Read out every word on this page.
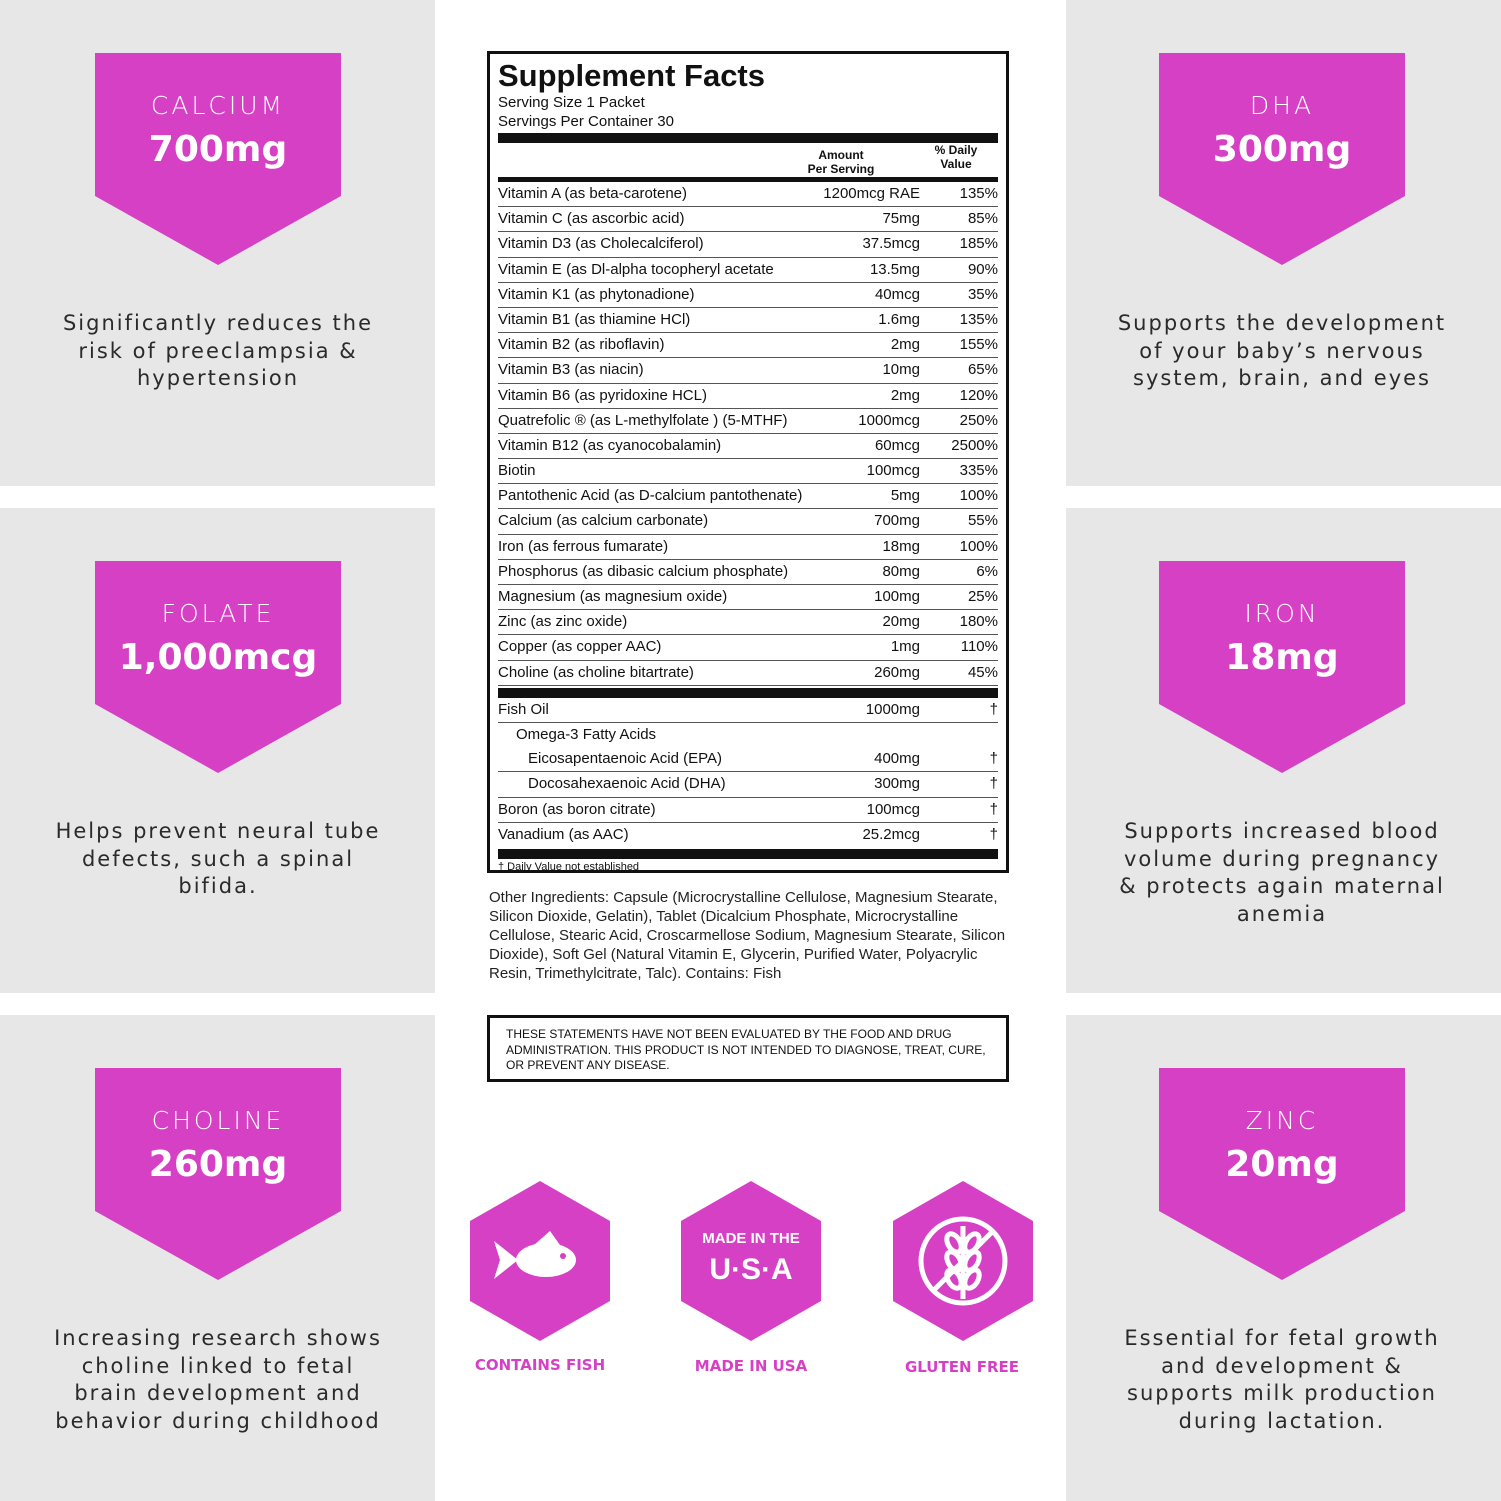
CALCIUM
700mg
Significantly reduces the risk of preeclampsia & hypertension
FOLATE
1,000mcg
Helps prevent neural tube defects, such a spinal bifida.
CHOLINE
260mg
Increasing research shows choline linked to fetal brain development and behavior during childhood
DHA
300mg
Supports the development of your baby’s nervous system, brain, and eyes
IRON
18mg
Supports increased blood volume during pregnancy & protects again maternal anemia
ZINC
20mg
Essential for fetal growth and development & supports milk production during lactation.
Supplement Facts
Serving Size 1 Packet
Servings Per Container 30
Amount
Per Serving
% Daily
Value
Vitamin A (as beta-carotene)	1200mcg RAE	135%
Vitamin C (as ascorbic acid)	75mg	85%
Vitamin D3 (as Cholecalciferol)	37.5mcg	185%
Vitamin E (as Dl-alpha tocopheryl acetate	13.5mg	90%
Vitamin K1 (as phytonadione)	40mcg	35%
Vitamin B1 (as thiamine HCl)	1.6mg	135%
Vitamin B2 (as riboflavin)	2mg	155%
Vitamin B3 (as niacin)	10mg	65%
Vitamin B6 (as pyridoxine HCL)	2mg	120%
Quatrefolic ® (as L-methylfolate ) (5-MTHF)	1000mcg	250%
Vitamin B12 (as cyanocobalamin)	60mcg 2500%
Biotin	100mcg	335%
Pantothenic Acid (as D-calcium pantothenate)	5mg	100%
Calcium (as calcium carbonate)	700mg	55%
Iron (as ferrous fumarate)	18mg	100%
Phosphorus (as dibasic calcium phosphate)	80mg	6%
Magnesium (as magnesium oxide)	100mg	25%
Zinc (as zinc oxide)	20mg	180%
Copper (as copper AAC)	1mg	110%
Choline (as choline bitartrate)	260mg	45%
Fish Oil	1000mg	†
Omega-3 Fatty Acids
Eicosapentaenoic Acid (EPA)	400mg	†
Docosahexaenoic Acid (DHA)	300mg	†
Boron (as boron citrate)	100mcg	†
Vanadium (as AAC)	25.2mcg	†
† Daily Value not established
Other Ingredients: Capsule (Microcrystalline Cellulose, Magnesium Stearate, Silicon Dioxide, Gelatin), Tablet (Dicalcium Phosphate, Microcrystalline Cellulose, Stearic Acid, Croscarmellose Sodium, Magnesium Stearate, Silicon Dioxide), Soft Gel (Natural Vitamin E, Glycerin, Purified Water, Polyacrylic Resin, Trimethylcitrate, Talc). Contains: Fish
THESE STATEMENTS HAVE NOT BEEN EVALUATED BY THE FOOD AND DRUG ADMINISTRATION. THIS PRODUCT IS NOT INTENDED TO DIAGNOSE, TREAT, CURE, OR PREVENT ANY DISEASE.
CONTAINS FISH
MADE IN THE
U·S·A
MADE IN USA	GLUTEN FREE
